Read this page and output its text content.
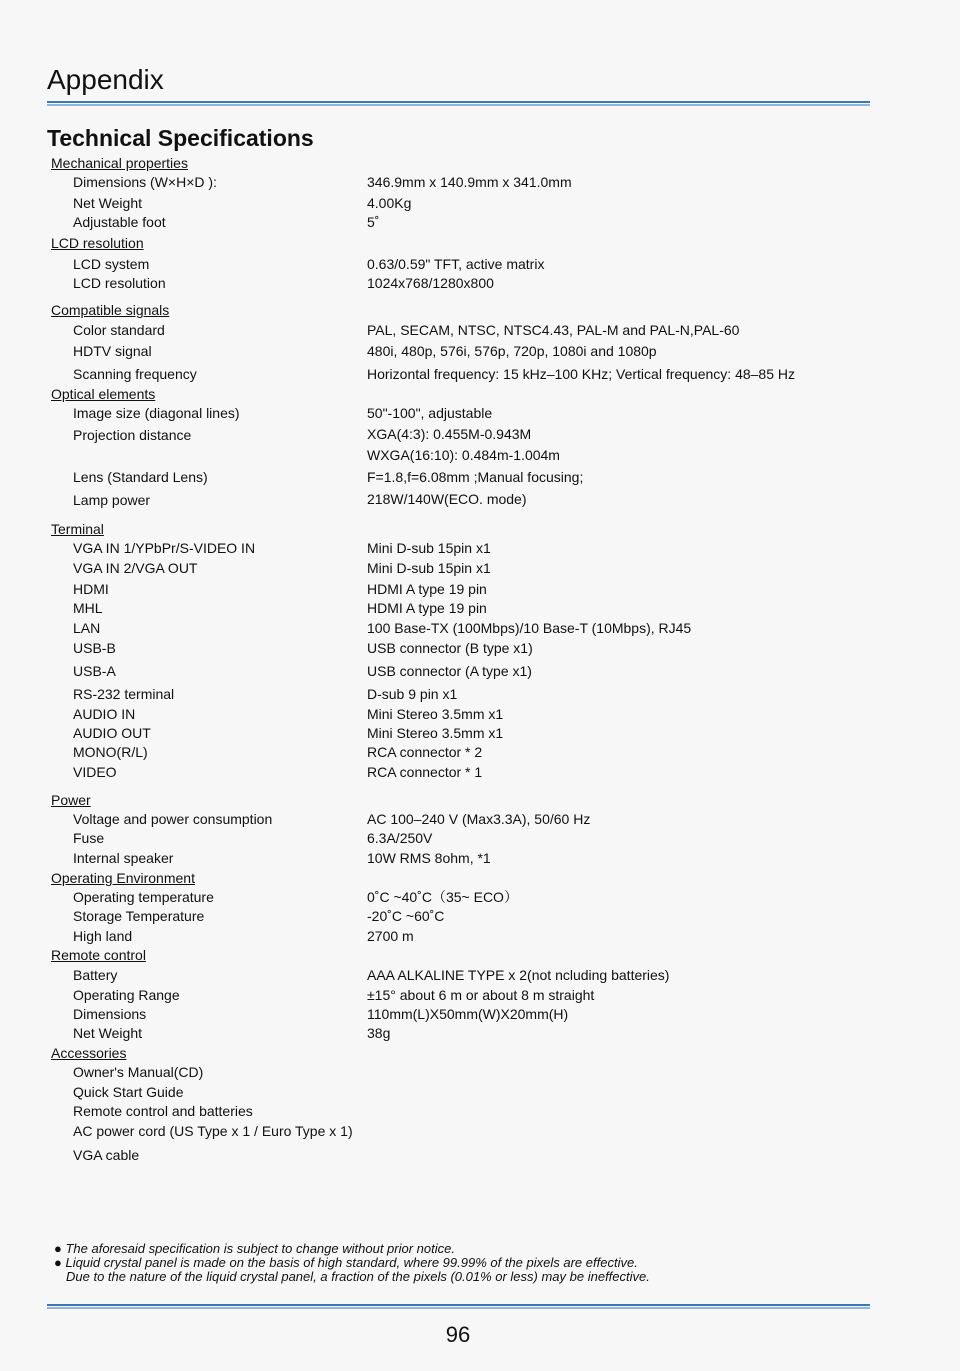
Appendix
Technical Specifications
Mechanical properties
Dimensions (W×H×D ):	346.9mm x 140.9mm x 341.0mm
Net Weight	4.00Kg
Adjustable foot	5˚
LCD resolution
LCD system	0.63/0.59" TFT, active matrix
LCD resolution	1024x768/1280x800
Compatible signals
Color standard	PAL, SECAM, NTSC, NTSC4.43, PAL-M and PAL-N,PAL-60
HDTV signal	480i, 480p, 576i, 576p, 720p, 1080i and 1080p
Scanning frequency	Horizontal frequency: 15 kHz–100 KHz; Vertical frequency: 48–85 Hz
Optical elements
Image size (diagonal lines)	50"-100", adjustable
Projection distance	XGA(4:3): 0.455M-0.943M
WXGA(16:10): 0.484m-1.004m
Lens (Standard Lens)	F=1.8,f=6.08mm ;Manual focusing;
Lamp power	218W/140W(ECO. mode)
Terminal
VGA IN 1/YPbPr/S-VIDEO IN	Mini D-sub 15pin x1
VGA IN 2/VGA OUT	Mini D-sub 15pin x1
HDMI	HDMI A type 19 pin
MHL	HDMI A type 19 pin
LAN	100 Base-TX (100Mbps)/10 Base-T (10Mbps), RJ45
USB-B	USB connector (B type x1)
USB-A	USB connector (A type x1)
RS-232 terminal	D-sub 9 pin x1
AUDIO IN	Mini Stereo 3.5mm x1
AUDIO OUT	Mini Stereo 3.5mm x1
MONO(R/L)	RCA connector * 2
VIDEO	RCA connector * 1
Power
Voltage and power consumption	AC 100–240 V (Max3.3A), 50/60 Hz
Fuse	6.3A/250V
Internal speaker	10W RMS 8ohm, *1
Operating Environment
Operating temperature	0˚C ~40˚C（35~ ECO）
Storage Temperature	-20˚C ~60˚C
High land	2700 m
Remote control
Battery	AAA ALKALINE TYPE x 2(not ncluding batteries)
Operating Range	±15° about 6 m or about 8 m straight
Dimensions	110mm(L)X50mm(W)X20mm(H)
Net Weight	38g
Accessories
Owner's Manual(CD)
Quick Start Guide
Remote control and batteries
AC power cord (US Type x 1 / Euro Type x 1)
VGA cable
● The aforesaid specification is subject to change without prior notice.
● Liquid crystal panel is made on the basis of high standard, where 99.99% of the pixels are effective.
Due to the nature of the liquid crystal panel, a fraction of the pixels (0.01% or less) may be ineffective.
96
